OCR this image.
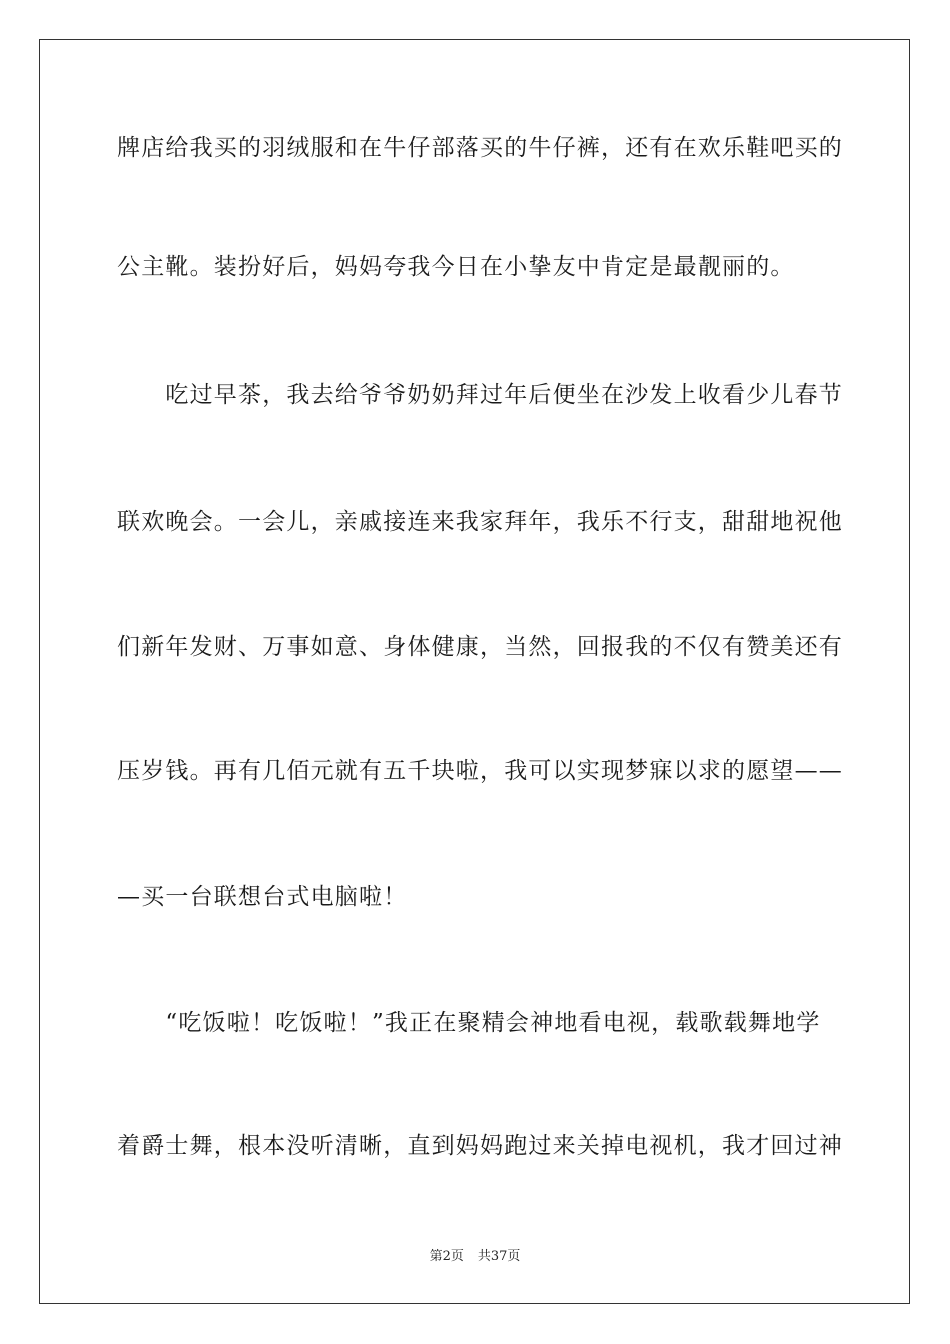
牌店给我买的羽绒服和在牛仔部落买的牛仔裤，还有在欢乐鞋吧买的
公主靴。装扮好后，妈妈夸我今日在小挚友中肯定是最靓丽的。
　　吃过早茶，我去给爷爷奶奶拜过年后便坐在沙发上收看少儿春节
联欢晚会。一会儿，亲戚接连来我家拜年，我乐不行支，甜甜地祝他
们新年发财、万事如意、身体健康，当然，回报我的不仅有赞美还有
压岁钱。再有几佰元就有五千块啦，我可以实现梦寐以求的愿望——
—买一台联想台式电脑啦！
　　“吃饭啦！吃饭啦！”我正在聚精会神地看电视，载歌载舞地学
着爵士舞，根本没听清晰，直到妈妈跑过来关掉电视机，我才回过神
第2页 共37页
